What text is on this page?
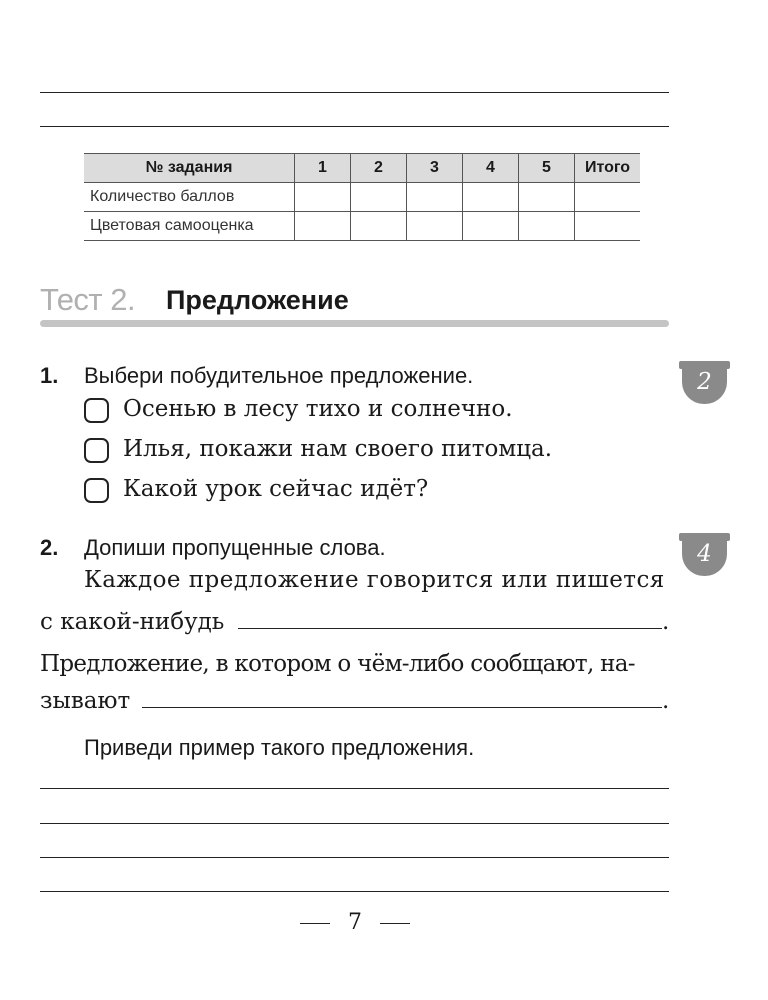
№ задания	1	2	3	4	5	Итого
Количество баллов						
Цветовая самооценка						
Тест 2. Предложение
1. Выбери побудительное предложение.	2
Осенью в лесу тихо и солнечно.
Илья, покажи нам своего питомца.
Какой урок сейчас идёт?
2. Допиши пропущенные слова.	4
Каждое предложение говорится или пишется
с какой-нибудь	.
Предложение, в котором о чём-либо сообщают, на-
зывают	.
Приведи пример такого предложения.
7
